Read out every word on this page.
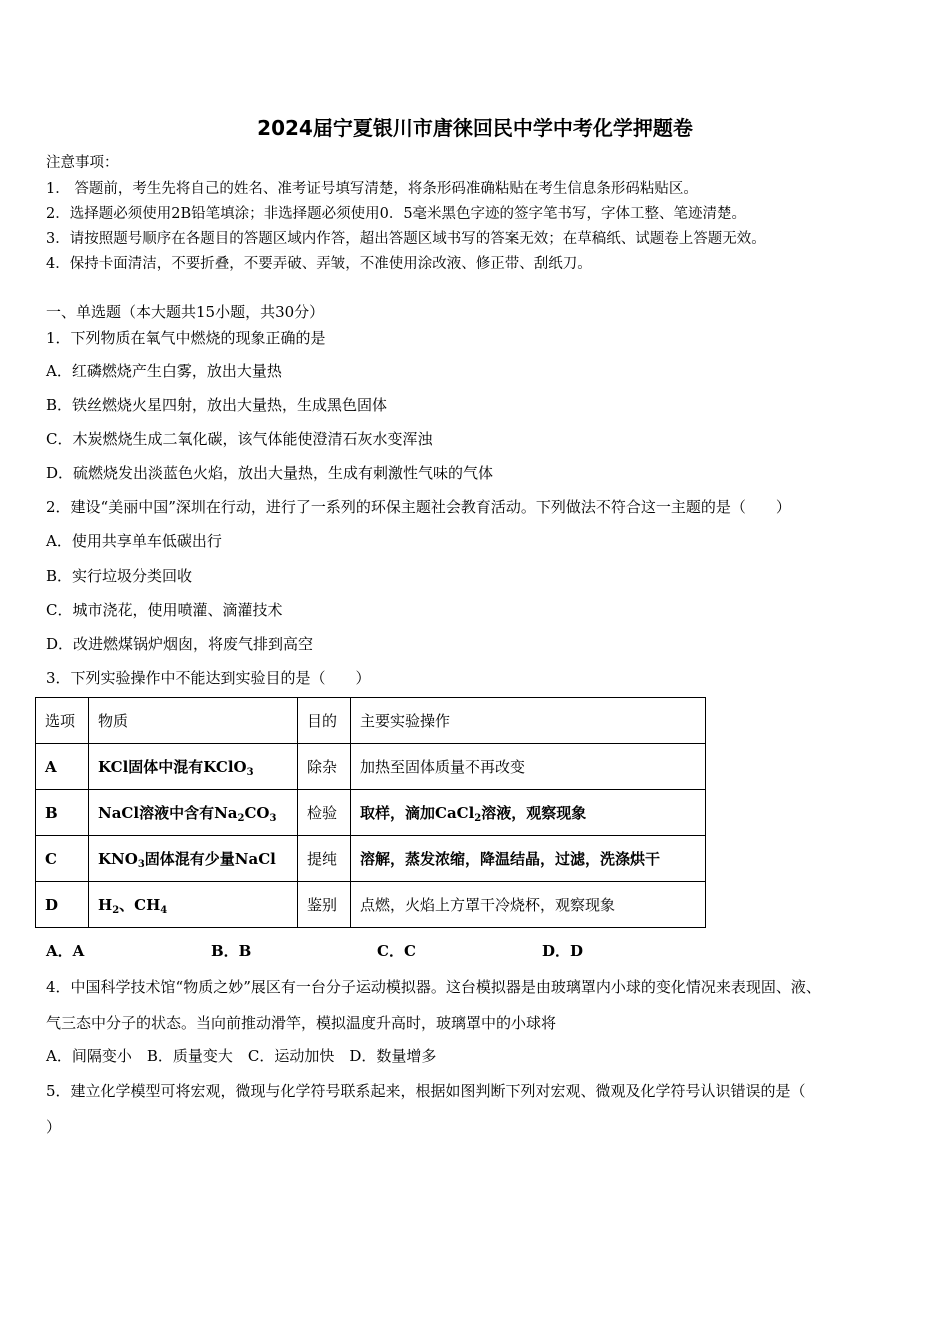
2024届宁夏银川市唐徕回民中学中考化学押题卷
注意事项：
1． 答题前，考生先将自己的姓名、准考证号填写清楚，将条形码准确粘贴在考生信息条形码粘贴区。
2．选择题必须使用2B铅笔填涂；非选择题必须使用0．5毫米黑色字迹的签字笔书写，字体工整、笔迹清楚。
3．请按照题号顺序在各题目的答题区域内作答，超出答题区域书写的答案无效；在草稿纸、试题卷上答题无效。
4．保持卡面清洁，不要折叠，不要弄破、弄皱，不准使用涂改液、修正带、刮纸刀。
一、单选题（本大题共15小题，共30分）
1．下列物质在氧气中燃烧的现象正确的是
A．红磷燃烧产生白雾，放出大量热
B．铁丝燃烧火星四射，放出大量热，生成黑色固体
C．木炭燃烧生成二氧化碳，该气体能使澄清石灰水变浑浊
D．硫燃烧发出淡蓝色火焰，放出大量热，生成有刺激性气味的气体
2．建设“美丽中国”深圳在行动，进行了一系列的环保主题社会教育活动。下列做法不符合这一主题的是（　　）
A．使用共享单车低碳出行
B．实行垃圾分类回收
C．城市浇花，使用喷灌、滴灌技术
D．改进燃煤锅炉烟囱，将废气排到高空
3．下列实验操作中不能达到实验目的是（　　）
选项	物质	目的	主要实验操作
A	KCl固体中混有KClO$_3$	除杂	加热至固体质量不再改变
B	NaCl溶液中含有$Na_2CO_3$	检验	取样，滴加CaCl$_2$溶液，观察现象
C	$KNO_3$固体混有少量NaCl	提纯	溶解，蒸发浓缩，降温结晶，过滤，洗涤烘干
D	$H_2$、$CH_4$	鉴别	点燃，火焰上方罩干冷烧杯，观察现象
A．A	B．B	C．C	D．D
4．中国科学技术馆“物质之妙”展区有一台分子运动模拟器。这台模拟器是由玻璃罩内小球的变化情况来表现固、液、
气三态中分子的状态。当向前推动滑竿，模拟温度升高时，玻璃罩中的小球将
A．间隔变小　B．质量变大　C．运动加快　D．数量增多
5．建立化学模型可将宏观，微现与化学符号联系起来，根据如图判断下列对宏观、微观及化学符号认识错误的是（
）
